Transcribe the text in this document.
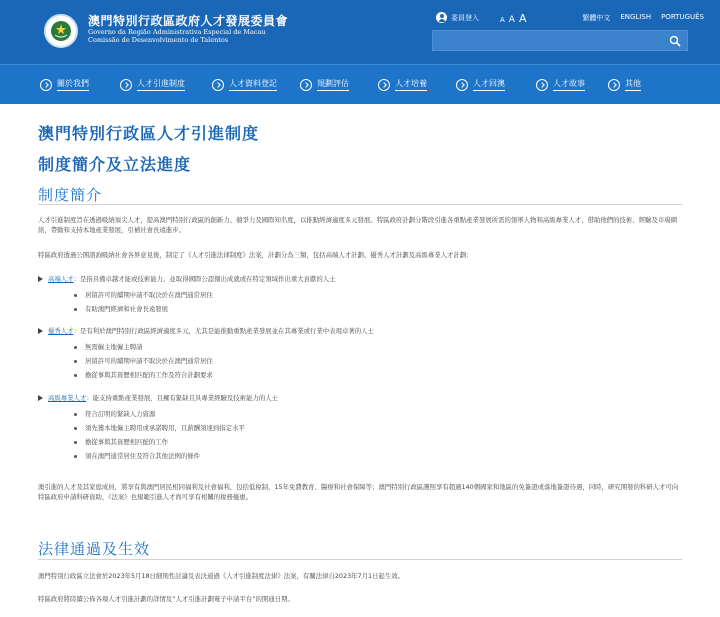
澳門特別行政區政府人才發展委員會
Governo da Região Administrativa Especial de Macau
Comissão de Desenvolvimento de Talentos
委員登入	A A A	繁體中文 ENGLISH PORTUGUÊS
關於我們	人才引進制度	人才資料登記	規劃評估	人才培養	人才回澳	人才故事	其他
澳門特別行政區人才引進制度
制度簡介及立法進度
制度簡介
人才引進制度旨在透過吸納頂尖人才，提高澳門特別行政區的創新力、競爭力及國際知名度，以推動經濟適度多元發展。特區政府計劃分階段引進各重點產業發展所需的領軍人物和高級專業人才，借助他們的技術、經驗及市場網絡，帶動和支持本地產業發展，引補社會長遠進步。
特區政府透過公開諮詢吸納社會各界意見後，制定了《人才引進法律制度》法案，計劃分為三類，包括高端人才計劃、優秀人才計劃及高級專業人才計劃：
高端人才 ：是指具備卓越才能或技術能力，並取得國際公認傑出成就或在特定領域作出重大貢獻的人士
居留許可的續期申請不取決於在澳門通常居住
有助澳門經濟和社會長遠發展
優秀人才 ：是有利於澳門特別行政區經濟適度多元，尤其是能推動重點產業發展並在其專業或行業中表現卓著的人士
無需僱主地僱主聘請
居留許可的續期申請不取決於在澳門通常居住
擔從事與其資歷相匹配的工作及符合計劃要求
高級專業人才 ：能支持重點產業發展，且擁有緊缺且具專業經驗及技術能力的人士
符合訂明的緊缺人力資源
須先獲本地僱主聘用或承諾聘用，且薪酬須達到指定水平
擔從事與其資歷相匹配的工作
須在澳門通常居住及符合其他法例的條件
澳引進的人才及其家庭成員，將享有與澳門居民相同福利及社會福利，包括低稅制、15年免費教育、醫療和社會保障等；澳門特別行政區護照享有超過140個國家和地區的免簽證或落地簽證待遇，同時，研究開發的科研人才可向特區政府申請科研資助，《法案》也規範引進人才尚可享有相關的稅務優惠。
法律通過及生效
澳門特別行政區立法會於2023年5月18日細則性討論及表決通過《人才引進制度法律》法案，有關法律自2023年7月1日起生效。
特區政府將陸續公佈各項人才引進計劃的詳情及“人才引進計劃電子申請平台”的開通日期。
